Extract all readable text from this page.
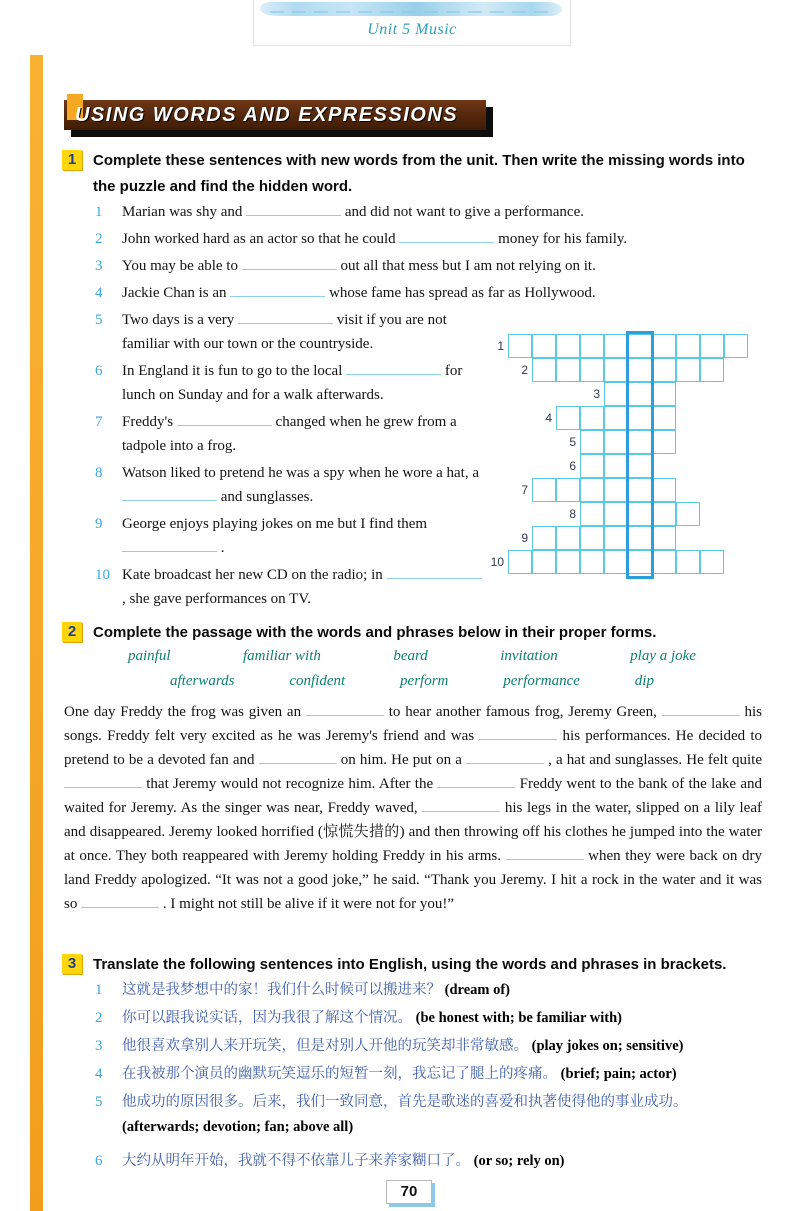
Unit 5 Music
USING WORDS AND EXPRESSIONS
1	Complete these sentences with new words from the unit. Then write the missing words into the puzzle and find the hidden word.
1	Marian was shy and	and did not want to give a performance.
2	John worked hard as an actor so that he could	money for his family.
3	You may be able to	out all that mess but I am not relying on it.
4	Jackie Chan is an	whose fame has spread as far as Hollywood.
5	Two days is a very	visit if you are not familiar with our town or the countryside.
6	In England it is fun to go to the local	for lunch on Sunday and for a walk afterwards.
7	Freddy's	changed when he grew from a tadpole into a frog.
8	Watson liked to pretend he was a spy when he wore a hat, a  and sunglasses.
9	George enjoys playing jokes on me but I find them  .
10 Kate broadcast her new CD on the radio; in  , she gave performances on TV.
1
2
3
4
5
6
7
8
9
10
2	Complete the passage with the words and phrases below in their proper forms.
painful	familiar with	beard	invitation	play a joke
afterwards	confident	perform	performance	dip
One day Freddy the frog was given an	to hear another famous frog, Jeremy Green,	his songs. Freddy felt very excited as he was Jeremy's friend and was	his performances. He decided to pretend to be a devoted fan and	on him. He put on a	, a hat and sunglasses. He felt quite  that Jeremy would not recognize him. After the	Freddy went to the bank of the lake and waited for Jeremy. As the singer was near, Freddy waved,	his legs in the water, slipped on a lily leaf and disappeared. Jeremy looked horrified (惊慌失措的) and then throwing off his clothes he jumped into the water at once. They both reappeared with Jeremy holding Freddy in his arms.	when they were back on dry land Freddy apologized. “It was not a good joke,” he said. “Thank you Jeremy. I hit a rock in the water and it was so	. I might not still be alive if it were not for you!”
3	Translate the following sentences into English, using the words and phrases in brackets.
1	这就是我梦想中的家！我们什么时候可以搬进来？ (dream of)
2	你可以跟我说实话，因为我很了解这个情况。 (be honest with; be familiar with)
3	他很喜欢拿别人来开玩笑，但是对别人开他的玩笑却非常敏感。 (play jokes on; sensitive)
4	在我被那个演员的幽默玩笑逗乐的短暂一刻，我忘记了腿上的疼痛。 (brief; pain; actor)
5	他成功的原因很多。后来，我们一致同意，首先是歌迷的喜爱和执著使得他的事业成功。
(afterwards; devotion; fan; above all)
6	大约从明年开始，我就不得不依靠儿子来养家糊口了。 (or so; rely on)
70
